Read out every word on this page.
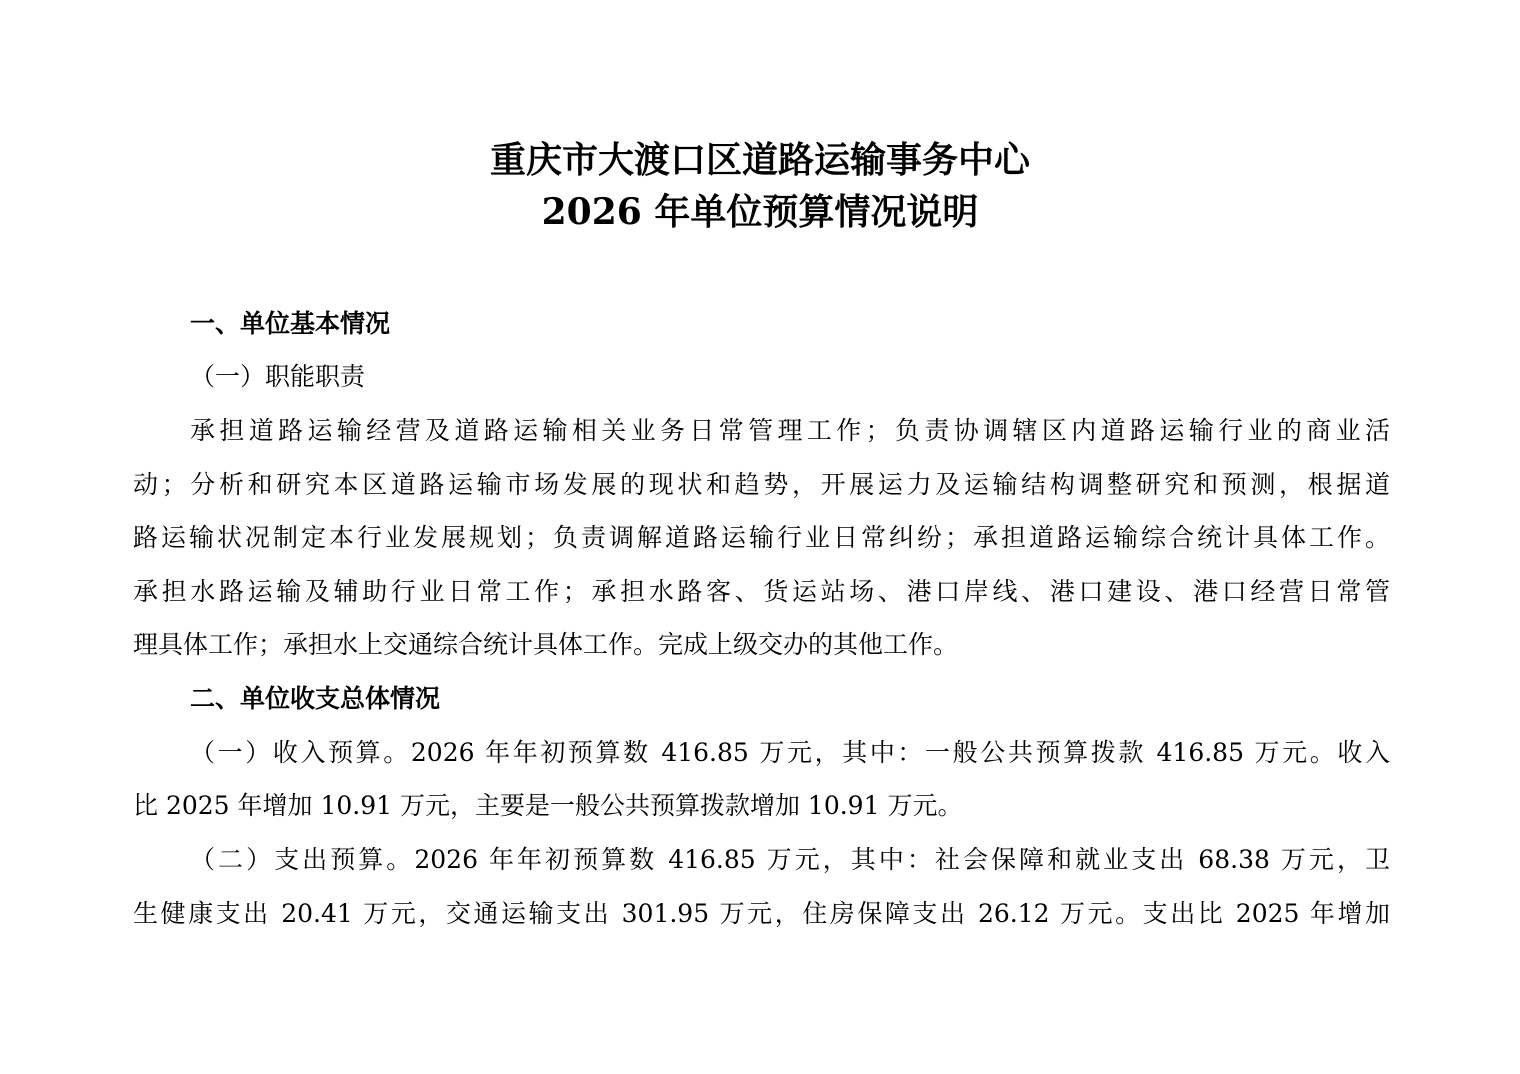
重庆市大渡口区道路运输事务中心
2026 年单位预算情况说明

一、单位基本情况

（一）职能职责

承担道路运输经营及道路运输相关业务日常管理工作；负责协调辖区内道路运输行业的商业活

动；分析和研究本区道路运输市场发展的现状和趋势，开展运力及运输结构调整研究和预测，根据道

路运输状况制定本行业发展规划；负责调解道路运输行业日常纠纷；承担道路运输综合统计具体工作。

承担水路运输及辅助行业日常工作；承担水路客、货运站场、港口岸线、港口建设、港口经营日常管

理具体工作；承担水上交通综合统计具体工作。完成上级交办的其他工作。

二、单位收支总体情况

（一）收入预算。2026 年年初预算数 416.85 万元，其中：一般公共预算拨款 416.85 万元。收入

比 2025 年增加 10.91 万元，主要是一般公共预算拨款增加 10.91 万元。

（二）支出预算。2026 年年初预算数 416.85 万元，其中：社会保障和就业支出 68.38 万元，卫

生健康支出 20.41 万元，交通运输支出 301.95 万元，住房保障支出 26.12 万元。支出比 2025 年增加
